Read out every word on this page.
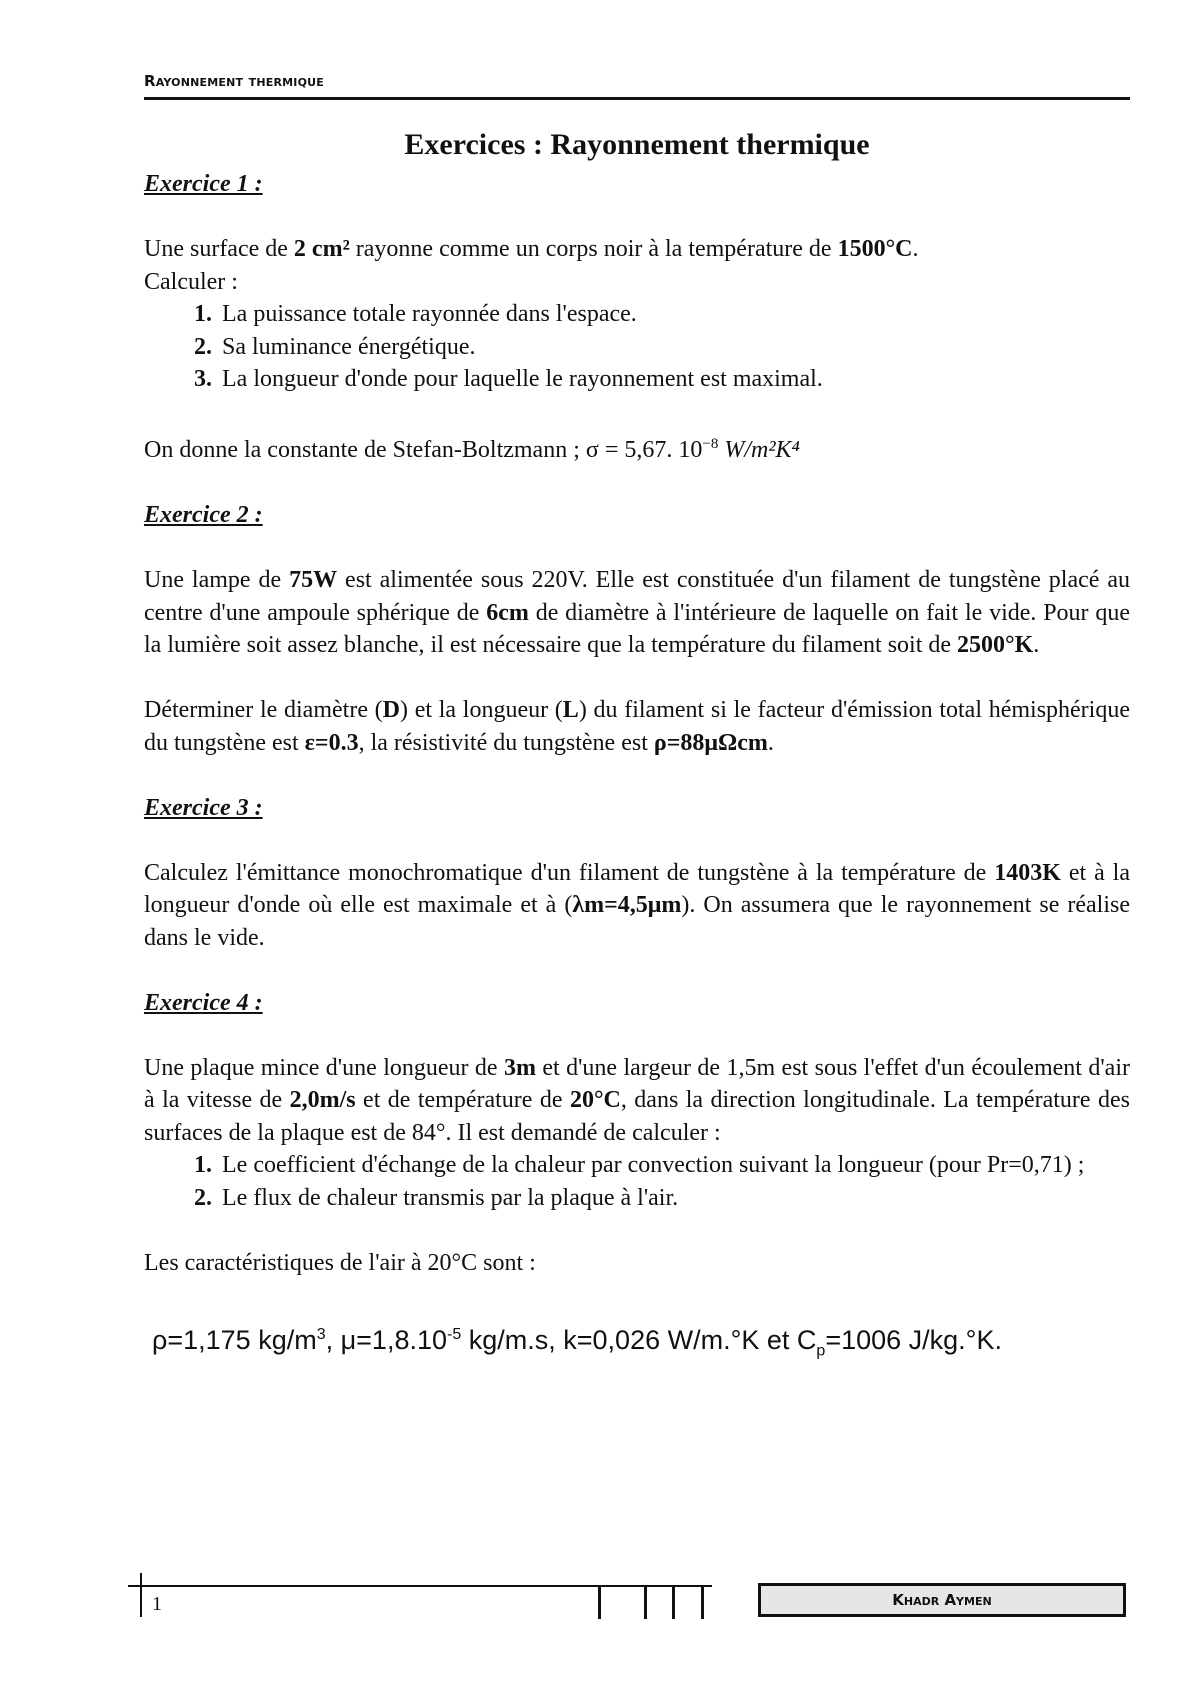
Rayonnement thermique
Exercices : Rayonnement thermique

Exercice 1 :

Une surface de 2 cm² rayonne comme un corps noir à la température de 1500°C.

Calculer :

1. La puissance totale rayonnée dans l'espace.
2. Sa luminance énergétique.
3. La longueur d'onde pour laquelle le rayonnement est maximal.

On donne la constante de Stefan-Boltzmann ; σ = 5,67. $10^{-8}$ W/m²K⁴

Exercice 2 :

Une lampe de 75W est alimentée sous 220V. Elle est constituée d'un filament de tungstène placé au centre d'une ampoule sphérique de 6cm de diamètre à l'intérieure de laquelle on fait le vide. Pour que la lumière soit assez blanche, il est nécessaire que la température du filament soit de 2500°K.

Déterminer le diamètre (D) et la longueur (L) du filament si le facteur d'émission total hémisphérique du tungstène est ε=0.3, la résistivité du tungstène est ρ=88μΩcm.

Exercice 3 :

Calculez l'émittance monochromatique d'un filament de tungstène à la température de 1403K et à la longueur d'onde où elle est maximale et à (λm=4,5μm). On assumera que le rayonnement se réalise dans le vide.

Exercice 4 :

Une plaque mince d'une longueur de 3m et d'une largeur de 1,5m est sous l'effet d'un écoulement d'air à la vitesse de 2,0m/s et de température de 20°C, dans la direction longitudinale. La température des surfaces de la plaque est de 84°. Il est demandé de calculer :

1. Le coefficient d'échange de la chaleur par convection suivant la longueur (pour Pr=0,71) ;
2. Le flux de chaleur transmis par la plaque à l'air.

Les caractéristiques de l'air à 20°C sont :

ρ=1,175 $kg/m^3$, $\mu=1,8.10^{-5}$ kg/m.s, k=0,026 W/m.°K et $C_p=1006$ J/kg.°K.

1	Khadr Aymen
